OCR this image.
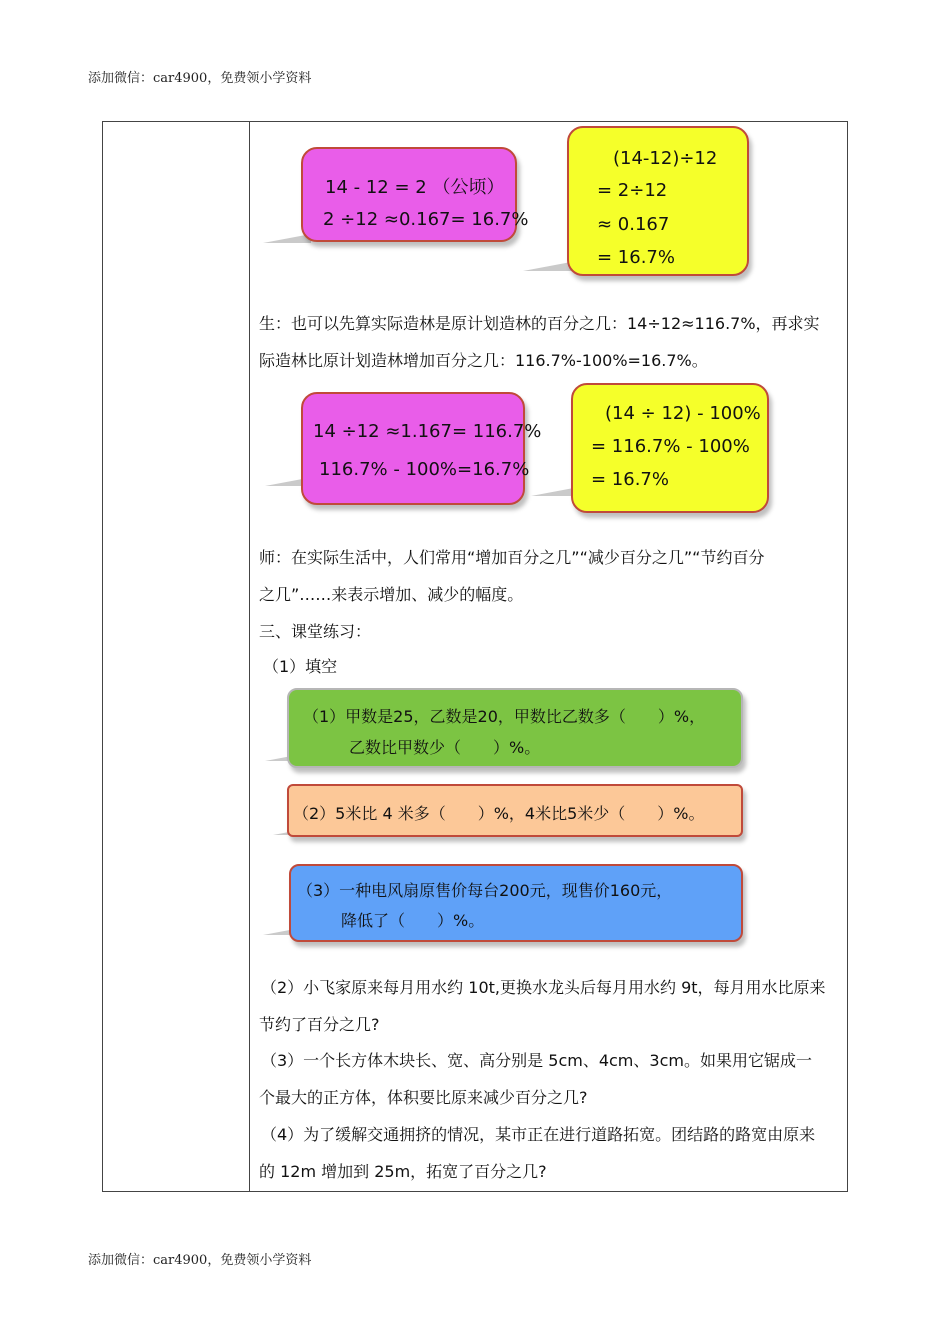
添加微信：car4900，免费领小学资料
14 - 12 = 2 （公顷）
2 ÷12 ≈0.167= 16.7%
(14-12)÷12
= 2÷12
≈ 0.167
= 16.7%
生：也可以先算实际造林是原计划造林的百分之几：14÷12≈116.7%，再求实
际造林比原计划造林增加百分之几：116.7%-100%=16.7%。
14 ÷12 ≈1.167= 116.7%
116.7% - 100%=16.7%
(14 ÷ 12) - 100%
= 116.7% - 100%
= 16.7%
师：在实际生活中，人们常用“增加百分之几”“减少百分之几”“节约百分
之几”……来表示增加、减少的幅度。
三、课堂练习：
（1）填空
（1）甲数是25，乙数是20，甲数比乙数多（　　）%，
乙数比甲数少（　　）%。
（2）5米比 4 米多（　　）%，4米比5米少（　　）%。
（3）一种电风扇原售价每台200元，现售价160元，
降低了（　　）%。
（2）小飞家原来每月用水约 10t,更换水龙头后每月用水约 9t，每月用水比原来
节约了百分之几?
（3）一个长方体木块长、宽、高分别是 5cm、4cm、3cm。如果用它锯成一
个最大的正方体，体积要比原来减少百分之几?
（4）为了缓解交通拥挤的情况，某市正在进行道路拓宽。团结路的路宽由原来
的 12m 增加到 25m，拓宽了百分之几?
添加微信：car4900，免费领小学资料
